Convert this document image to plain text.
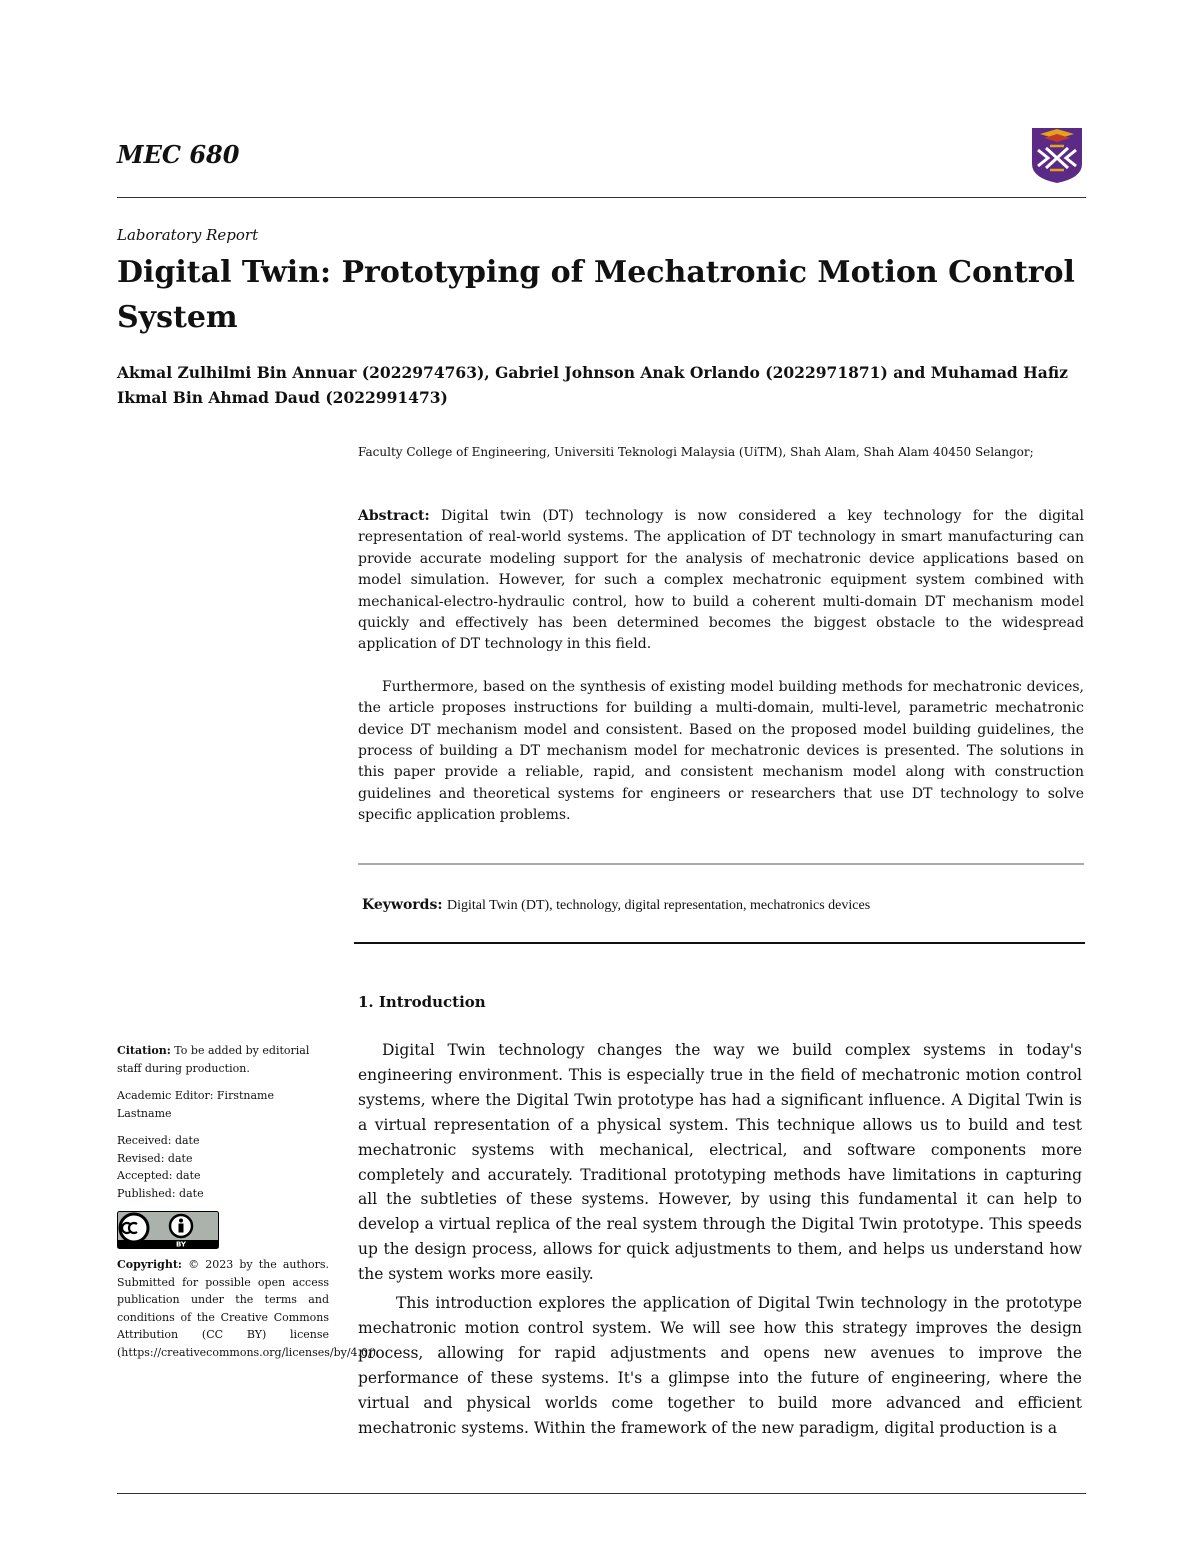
MEC 680
Laboratory Report
Digital Twin: Prototyping of Mechatronic Motion Control System
Akmal Zulhilmi Bin Annuar (2022974763), Gabriel Johnson Anak Orlando (2022971871) and Muhamad Hafiz Ikmal Bin Ahmad Daud (2022991473)
Faculty College of Engineering, Universiti Teknologi Malaysia (UiTM), Shah Alam, Shah Alam 40450 Selangor;

Abstract: Digital twin (DT) technology is now considered a key technology for the digital representation of real-world systems. The application of DT technology in smart manufacturing can provide accurate modeling support for the analysis of mechatronic device applications based on model simulation. However, for such a complex mechatronic equipment system combined with mechanical-electro-hydraulic control, how to build a coherent multi-domain DT mechanism model quickly and effectively has been determined becomes the biggest obstacle to the widespread application of DT technology in this field.

Furthermore, based on the synthesis of existing model building methods for mechatronic devices, the article proposes instructions for building a multi-domain, multi-level, parametric mechatronic device DT mechanism model and consistent. Based on the proposed model building guidelines, the process of building a DT mechanism model for mechatronic devices is presented. The solutions in this paper provide a reliable, rapid, and consistent mechanism model along with construction guidelines and theoretical systems for engineers or researchers that use DT technology to solve specific application problems.

Keywords: Digital Twin (DT), technology, digital representation, mechatronics devices
1. Introduction

Digital Twin technology changes the way we build complex systems in today's engineering environment. This is especially true in the field of mechatronic motion control systems, where the Digital Twin prototype has had a significant influence. A Digital Twin is a virtual representation of a physical system. This technique allows us to build and test mechatronic systems with mechanical, electrical, and software components more completely and accurately. Traditional prototyping methods have limitations in capturing all the subtleties of these systems. However, by using this fundamental it can help to develop a virtual replica of the real system through the Digital Twin prototype. This speeds up the design process, allows for quick adjustments to them, and helps us understand how the system works more easily.

This introduction explores the application of Digital Twin technology in the prototype mechatronic motion control system. We will see how this strategy improves the design process, allowing for rapid adjustments and opens new avenues to improve the performance of these systems. It's a glimpse into the future of engineering, where the virtual and physical worlds come together to build more advanced and efficient mechatronic systems. Within the framework of the new paradigm, digital production is a

Citation: To be added by editorial staff during production.

Academic Editor: Firstname Lastname

Received: date

Revised: date

Accepted: date

Published: date

BY
Copyright: © 2023 by the authors. Submitted for possible open access publication under the terms and conditions of the Creative Commons Attribution (CC BY) license (https://creativecommons.org/licenses/by/4.0/).
